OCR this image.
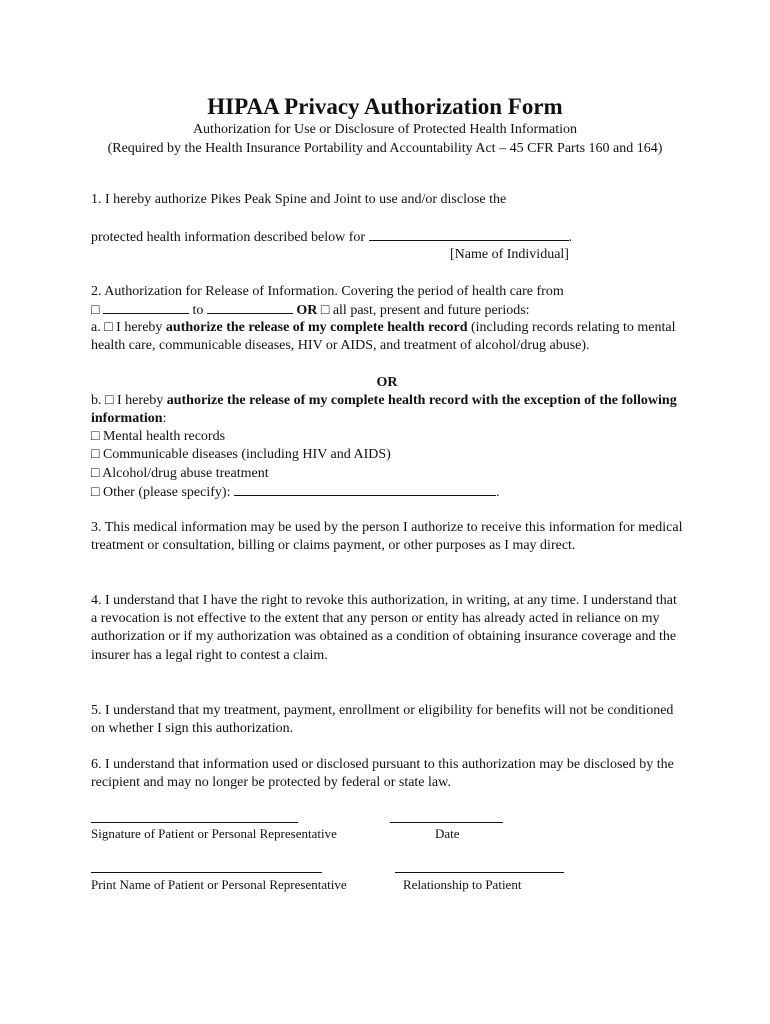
HIPAA Privacy Authorization Form
Authorization for Use or Disclosure of Protected Health Information
(Required by the Health Insurance Portability and Accountability Act – 45 CFR Parts 160 and 164)
1. I hereby authorize Pikes Peak Spine and Joint to use and/or disclose the
protected health information described below for	.
[Name of Individual]
2. Authorization for Release of Information. Covering the period of health care from
□	to	OR □ all past, present and future periods:
a. □ I hereby authorize the release of my complete health record (including records relating to mental health care, communicable diseases, HIV or AIDS, and treatment of alcohol/drug abuse).
OR
b. □ I hereby authorize the release of my complete health record with the exception of the following information:
□ Mental health records
□ Communicable diseases (including HIV and AIDS)
□ Alcohol/drug abuse treatment
□ Other (please specify):	.
3. This medical information may be used by the person I authorize to receive this information for medical treatment or consultation, billing or claims payment, or other purposes as I may direct.
4. I understand that I have the right to revoke this authorization, in writing, at any time. I understand that a revocation is not effective to the extent that any person or entity has already acted in reliance on my authorization or if my authorization was obtained as a condition of obtaining insurance coverage and the insurer has a legal right to contest a claim.
5. I understand that my treatment, payment, enrollment or eligibility for benefits will not be conditioned on whether I sign this authorization.
6. I understand that information used or disclosed pursuant to this authorization may be disclosed by the recipient and may no longer be protected by federal or state law.
Signature of Patient or Personal Representative	Date
Print Name of Patient or Personal Representative	Relationship to Patient
